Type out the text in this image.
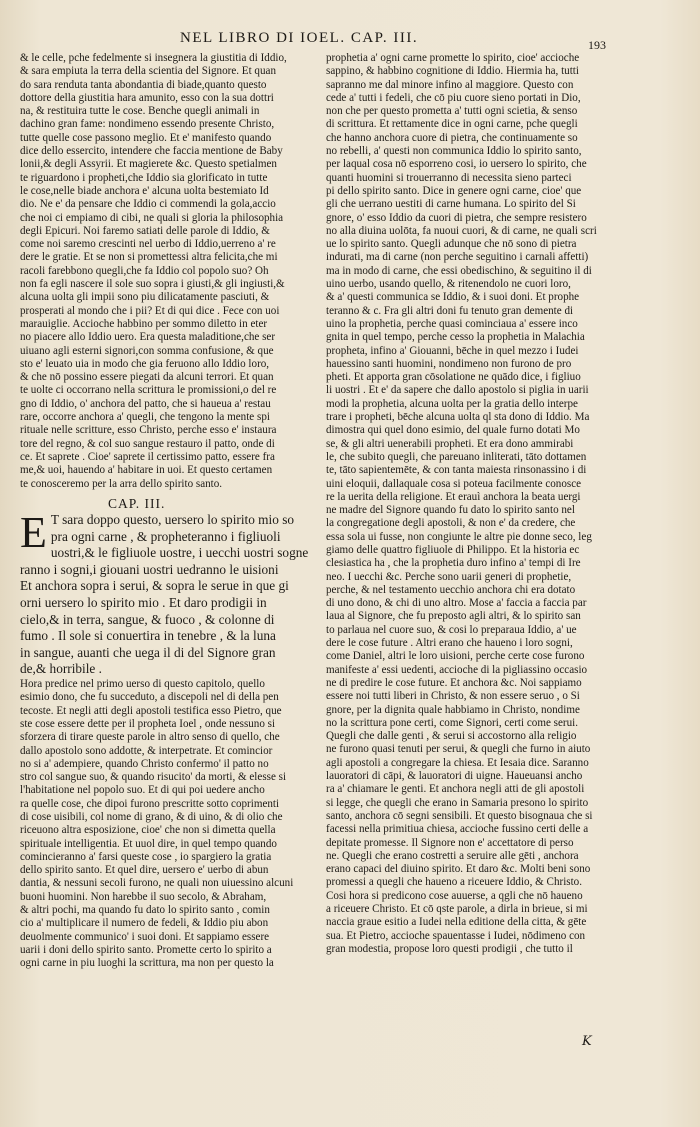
NEL LIBRO DI IOEL. CAP. III.	193
& le celle, pche fedelmente si insegnera la giustitia di Iddio,
& sara empiuta la terra della scientia del Signore. Et quan
do sara renduta tanta abondantia di biade,quanto questo
dottore della giustitia hara amunito, esso con la sua dottri
na, & restituira tutte le cose. Benche quegli animali in
dachino gran fame: nondimeno essendo presente Christo,
tutte quelle cose passono meglio. Et e' manifesto quando
dice dello essercito, intendere che faccia mentione de Baby
lonii,& degli Assyrii. Et magierete &c. Questo spetialmen
te riguardono i propheti,che Iddio sia glorificato in tutte
le cose,nelle biade anchora e' alcuna uolta bestemiato Id
dio. Ne e' da pensare che Iddio ci commendi la gola,accio
che noi ci empiamo di cibi, ne quali si gloria la philosophia
degli Epicuri. Noi faremo satiati delle parole di Iddio, &
come noi saremo crescinti nel uerbo di Iddio,uerreno a' re
dere le gratie. Et se non si promettessi altra felicita,che mi
racoli farebbono quegli,che fa Iddio col popolo suo? Oh
non fa egli nascere il sole suo sopra i giusti,& gli ingiusti,&
alcuna uolta gli impii sono piu dilicatamente pasciuti, &
prosperati al mondo che i pii? Et di qui dice . Fece con uoi
marauiglie. Accioche habbino per sommo diletto in eter
no piacere allo Iddio uero. Era questa maladitione,che ser
uiuano agli esterni signori,con somma confusione, & que
sto e' leuato uia in modo che gia feruono allo Iddio loro,
& che nō possino essere piegati da alcuni terrori. Et quan
te uolte ci occorrano nella scrittura le promissioni,o del re
gno di Iddio, o' anchora del patto, che si haueua a' restau
rare, occorre anchora a' quegli, che tengono la mente spi
rituale nelle scritture, esso Christo, perche esso e' instaura
tore del regno, & col suo sangue restauro il patto, onde di
ce. Et saprete . Cioe' saprete il certissimo patto, essere fra
me,& uoi, hauendo a' habitare in uoi. Et questo certamen
te conosceremo per la arra dello spirito santo.
CAP. III.
E T sara doppo questo, uersero lo spirito mio so
pra ogni carne , & propheteranno i figliuoli
uostri,& le figliuole uostre, i uecchi uostri sogne
ranno i sogni,i giouani uostri uedranno le uisioni
Et anchora sopra i serui, & sopra le serue in que gi
orni uersero lo spirito mio . Et daro prodigii in
cielo,& in terra, sangue, & fuoco , & colonne di
fumo . Il sole si conuertira in tenebre , & la luna
in sangue, auanti che uega il di del Signore gran
de,& horribile .
Hora predice nel primo uerso di questo capitolo, quello
esimio dono, che fu succeduto, a discepoli nel di della pen
tecoste. Et negli atti degli apostoli testifica esso Pietro, que
ste cose essere dette per il propheta Ioel , onde nessuno si
sforzera di tirare queste parole in altro senso di quello, che
dallo apostolo sono addotte, & interpetrate. Et comincior
no si a' adempiere, quando Christo confermo' il patto no
stro col sangue suo, & quando risucito' da morti, & elesse si
l'habitatione nel popolo suo. Et di qui poi uedere ancho
ra quelle cose, che dipoi furono prescritte sotto coprimenti
di cose uisibili, col nome di grano, & di uino, & di olio che
riceuono altra esposizione, cioe' che non si dimetta quella
spirituale intelligentia. Et uuol dire, in quel tempo quando
comincieranno a' farsi queste cose , io spargiero la gratia
dello spirito santo. Et quel dire, uersero e' uerbo di abun
dantia, & nessuni secoli furono, ne quali non uiuessino alcuni
buoni huomini. Non harebbe il suo secolo, & Abraham,
& altri pochi, ma quando fu dato lo spirito santo , comin
cio a' multiplicare il numero de fedeli, & Iddio piu abon
deuolmente communico' i suoi doni. Et sappiamo essere
uarii i doni dello spirito santo. Promette certo lo spirito a
ogni carne in piu luoghi la scrittura, ma non per questo la
prophetia a' ogni carne promette lo spirito, cioe' accioche
sappino, & habbino cognitione di Iddio. Hiermia ha, tutti
sapranno me dal minore infino al maggiore. Questo con
cede a' tutti i fedeli, che cō piu cuore sieno portati in Dio,
non che per questo prometta a' tutti ogni scietia, & senso
di scrittura. Et rettamente dice in ogni carne, pche quegli
che hanno anchora cuore di pietra, che continuamente so
no rebelli, a' questi non communica Iddio lo spirito santo,
per laqual cosa nō esporreno cosi, io uersero lo spirito, che
quanti huomini si trouerranno di necessita sieno parteci
pi dello spirito santo. Dice in genere ogni carne, cioe' que
gli che uerrano uestiti di carne humana. Lo spirito del Si
gnore, o' esso Iddio da cuori di pietra, che sempre resistero
no alla diuina uolōta, fa nuoui cuori, & di carne, ne quali scri
ue lo spirito santo. Quegli adunque che nō sono di pietra
indurati, ma di carne (non perche seguitino i carnali affetti)
ma in modo di carne, che essi obedischino, & seguitino il di
uino uerbo, usando quello, & ritenendolo ne cuori loro,
& a' questi communica se Iddio, & i suoi doni. Et prophe
teranno & c. Fra gli altri doni fu tenuto gran demente di
uino la prophetia, perche quasi cominciaua a' essere inco
gnita in quel tempo, perche cesso la prophetia in Malachia
propheta, infino a' Giouanni, bēche in quel mezzo i Iudei
hauessino santi huomini, nondimeno non furono de pro
pheti. Et apporta gran cōsolatione ne quādo dice, i figliuo
li uostri . Et e' da sapere che dallo apostolo si piglia in uarii
modi la prophetia, alcuna uolta per la gratia dello interpe
trare i propheti, bēche alcuna uolta ql sta dono di Iddio. Ma
dimostra qui quel dono esimio, del quale furno dotati Mo
se, & gli altri uenerabili propheti. Et era dono ammirabi
le, che subito quegli, che pareuano inliterati, tāto dottamen
te, tāto sapientemēte, & con tanta maiesta rinsonassino i di
uini eloquii, dallaquale cosa si poteua facilmente conosce
re la uerita della religione. Et erauì anchora la beata uergi
ne madre del Signore quando fu dato lo spirito santo nel
la congregatione degli apostoli, & non e' da credere, che
essa sola ui fusse, non congiunte le altre pie donne seco, leg
giamo delle quattro figliuole di Philippo. Et la historia ec
clesiastica ha , che la prophetia duro infino a' tempi di Ire
neo. I uecchi &c. Perche sono uarii generi di prophetie,
perche, & nel testamento uecchio anchora chi era dotato
di uno dono, & chi di uno altro. Mose a' faccia a faccia par
laua al Signore, che fu preposto agli altri, & lo spirito san
to parlaua nel cuore suo, & cosi lo preparaua Iddio, a' ue
dere le cose future . Altri erano che haueno i loro sogni,
come Daniel, altri le loro uisioni, perche certe cose furono
manifeste a' essi uedenti, accioche di la pigliassino occasio
ne di predire le cose future. Et anchora &c. Noi sappiamo
essere noi tutti liberi in Christo, & non essere seruo , o Si
gnore, per la dignita quale habbiamo in Christo, nondime
no la scrittura pone certi, come Signori, certi come serui.
Quegli che dalle genti , & serui si accostorno alla religio
ne furono quasi tenuti per serui, & quegli che furno in aiuto
agli apostoli a congregare la chiesa. Et Iesaia dice. Saranno
lauoratori di cāpi, & lauoratori di uigne. Haueuansi ancho
ra a' chiamare le genti. Et anchora negli atti de gli apostoli
si legge, che quegli che erano in Samaria presono lo spirito
santo, anchora cō segni sensibili. Et questo bisognaua che si
facessi nella primitiua chiesa, accioche fussino certi delle a
depitate promesse. Il Signore non e' accettatore di perso
ne. Quegli che erano costretti a seruire alle gēti , anchora
erano capaci del diuino spirito. Et daro &c. Molti beni sono
promessi a quegli che haueno a riceuere Iddio, & Christo.
Cosi hora si predicono cose auuerse, a qgli che nō haueno
a riceuere Christo. Et cō qste parole, a dirla in brieue, si mi
naccia graue esitio a Iudei nella editione della citta, & gēte
sua. Et Pietro, accioche spauentasse i Iudei, nōdimeno con
gran modestia, propose loro questi prodigii , che tutto il
K
